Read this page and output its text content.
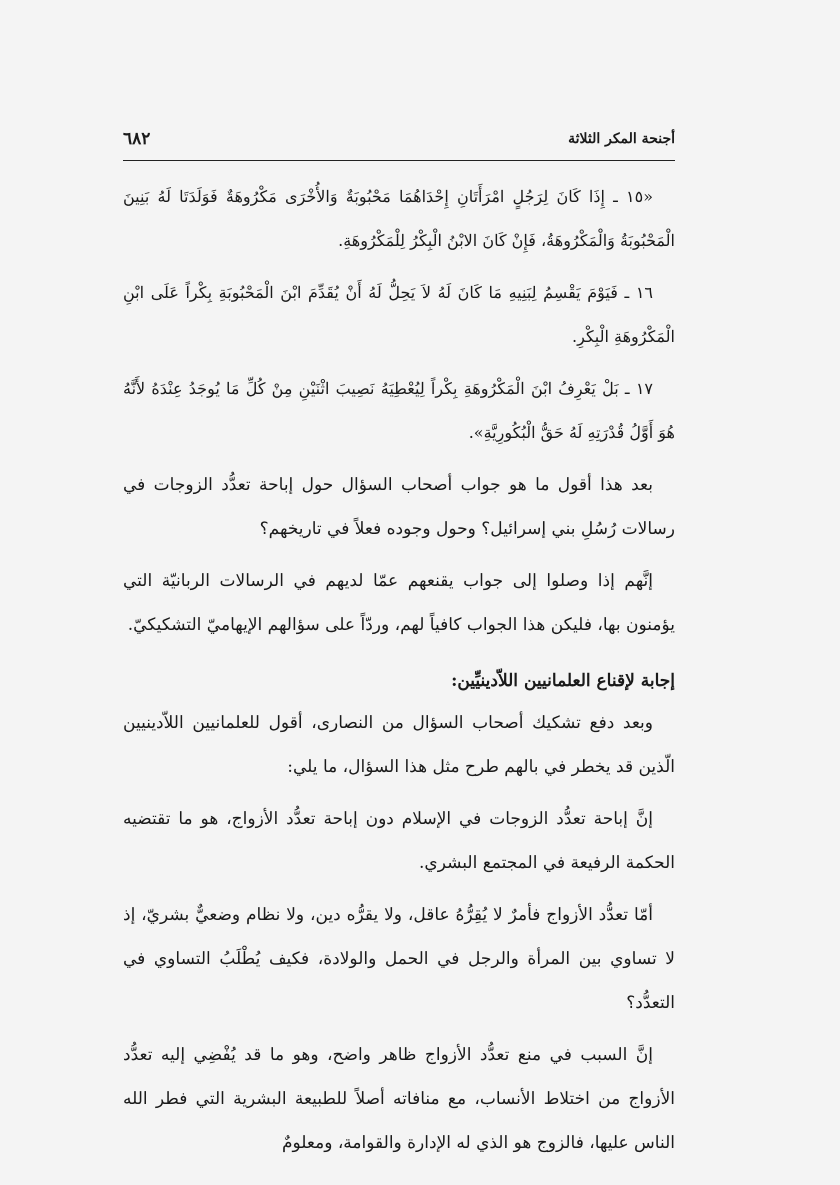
أجنحة المكر الثلاثة
٦٨٢

«١٥ ـ إِذَا كَانَ لِرَجُلٍ امْرَأَتَانِ إِحْدَاهُمَا مَحْبُوبَةٌ وَالأُخْرَى مَكْرُوهَةٌ فَوَلَدَتَا لَهُ بَنِينَ الْمَحْبُوبَةُ وَالْمَكْرُوهَةُ، فَإِنْ كَانَ الابْنُ الْبِكْرُ لِلْمَكْرُوهَةِ.

١٦ ـ فَيَوْمَ يَقْسِمُ لِبَنِيهِ مَا كَانَ لَهُ لاَ يَحِلُّ لَهُ أَنْ يُقَدِّمَ ابْنَ الْمَحْبُوبَةِ بِكْراً عَلَى ابْنِ الْمَكْرُوهَةِ الْبِكْرِ.

١٧ ـ بَلْ يَعْرِفُ ابْنَ الْمَكْرُوهَةِ بِكْراً لِيُعْطِيَهُ نَصِيبَ اثْنَيْنِ مِنْ كُلِّ مَا يُوجَدُ عِنْدَهُ لأَنَّهُ هُوَ أَوَّلُ قُدْرَتِهِ لَهُ حَقُّ الْبُكُورِيَّةِ».

بعد هذا أقول ما هو جواب أصحاب السؤال حول إباحة تعدُّد الزوجات في رسالات رُسُلِ بني إسرائيل؟ وحول وجوده فعلاً في تاريخهم؟

إنَّهم إذا وصلوا إلى جواب يقنعهم عمّا لديهم في الرسالات الربانيّة التي يؤمنون بها، فليكن هذا الجواب كافياً لهم، وردّاً على سؤالهم الإيهاميّ التشكيكيّ.

إجابة لإقناع العلمانيين اللاّدينيِّين:

وبعد دفع تشكيك أصحاب السؤال من النصارى، أقول للعلمانيين اللاّدينيين الّذين قد يخطر في بالهم طرح مثل هذا السؤال، ما يلي:

إنَّ إباحة تعدُّد الزوجات في الإسلام دون إباحة تعدُّد الأزواج، هو ما تقتضيه الحكمة الرفيعة في المجتمع البشري.

أمّا تعدُّد الأزواج فأمرٌ لا يُقِرُّهُ عاقل، ولا يقرُّه دين، ولا نظام وضعيٌّ بشريّ، إذ لا تساوي بين المرأة والرجل في الحمل والولادة، فكيف يُطْلَبُ التساوي في التعدُّد؟

إنَّ السبب في منع تعدُّد الأزواج ظاهر واضح، وهو ما قد يُفْضِي إليه تعدُّد الأزواج من اختلاط الأنساب، مع منافاته أصلاً للطبيعة البشرية التي فطر الله الناس عليها، فالزوج هو الذي له الإدارة والقوامة، ومعلومٌ
